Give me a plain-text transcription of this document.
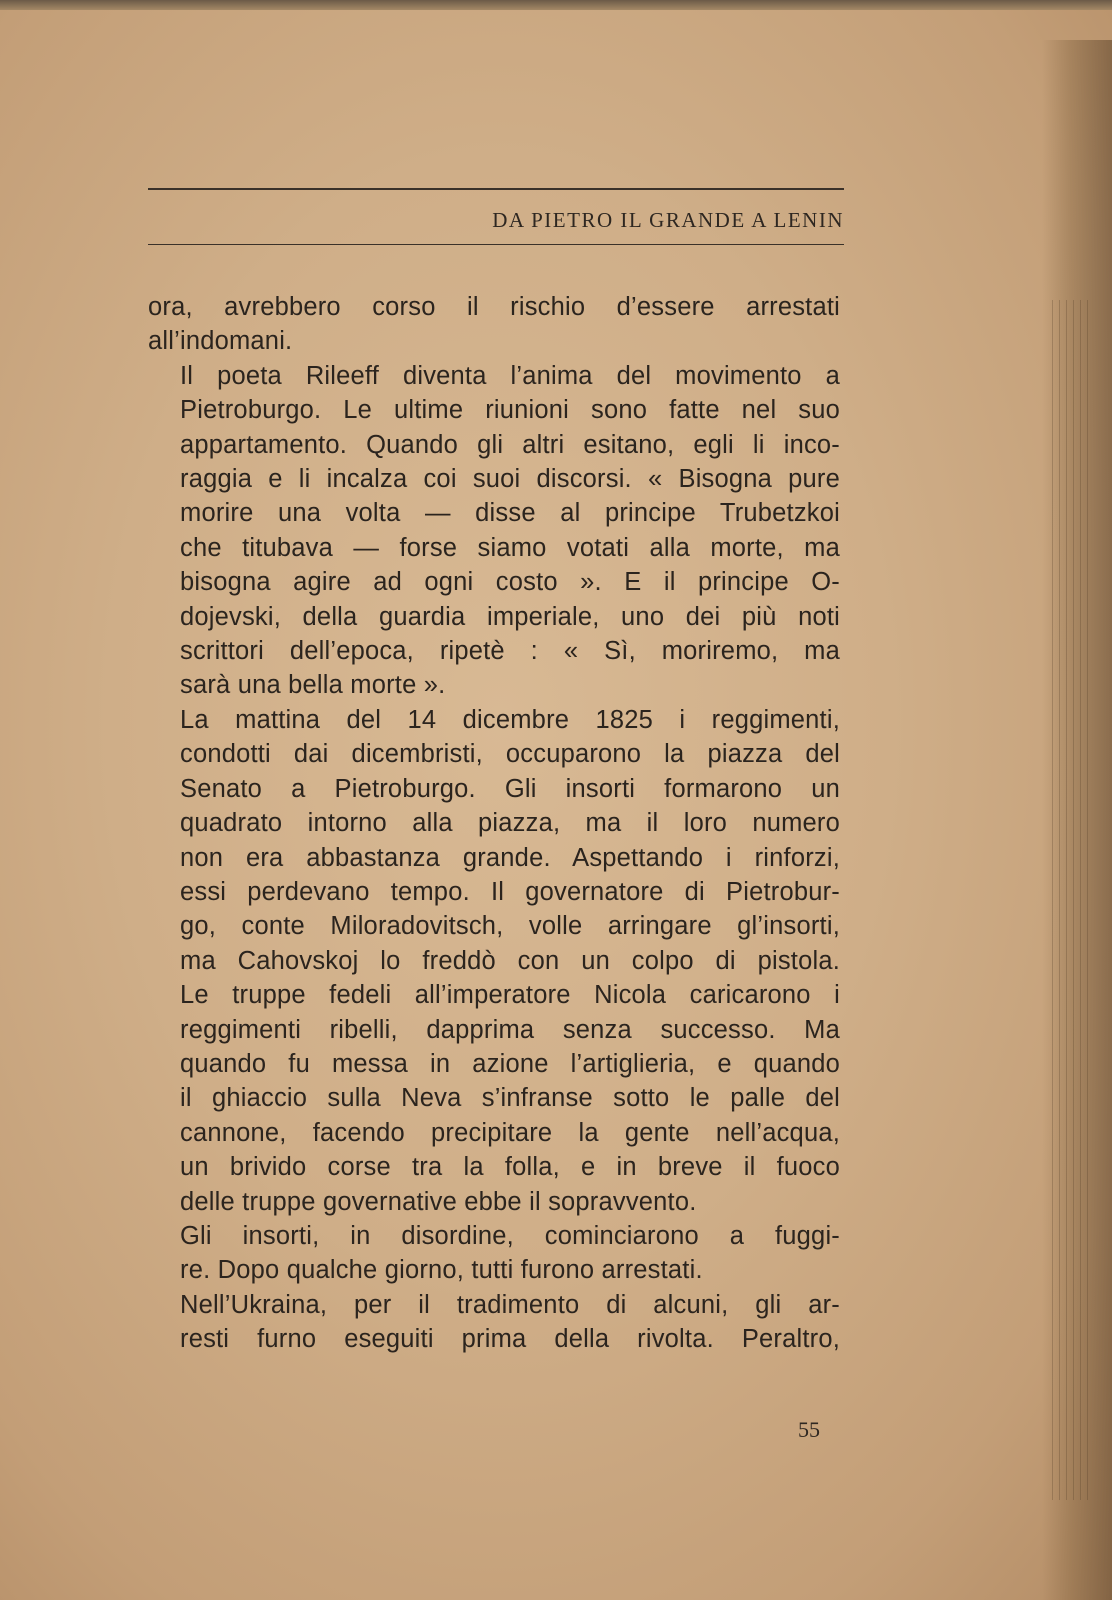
DA PIETRO IL GRANDE A LENIN

ora, avrebbero corso il rischio d’essere arrestati
all’indomani.

Il poeta Rileeff diventa l’anima del movimento a
Pietroburgo. Le ultime riunioni sono fatte nel suo
appartamento. Quando gli altri esitano, egli li inco-
raggia e li incalza coi suoi discorsi. « Bisogna pure
morire una volta — disse al principe Trubetzkoi
che titubava — forse siamo votati alla morte, ma
bisogna agire ad ogni costo ». E il principe O-
dojevski, della guardia imperiale, uno dei più noti
scrittori dell’epoca, ripetè : « Sì, moriremo, ma
sarà una bella morte ».

La mattina del 14 dicembre 1825 i reggimenti,
condotti dai dicembristi, occuparono la piazza del
Senato a Pietroburgo. Gli insorti formarono un
quadrato intorno alla piazza, ma il loro numero
non era abbastanza grande. Aspettando i rinforzi,
essi perdevano tempo. Il governatore di Pietrobur-
go, conte Miloradovitsch, volle arringare gl’insorti,
ma Cahovskoj lo freddò con un colpo di pistola.
Le truppe fedeli all’imperatore Nicola caricarono i
reggimenti ribelli, dapprima senza successo. Ma
quando fu messa in azione l’artiglieria, e quando
il ghiaccio sulla Neva s’infranse sotto le palle del
cannone, facendo precipitare la gente nell’acqua,
un brivido corse tra la folla, e in breve il fuoco
delle truppe governative ebbe il sopravvento.

Gli insorti, in disordine, cominciarono a fuggi-
re. Dopo qualche giorno, tutti furono arrestati.

Nell’Ukraina, per il tradimento di alcuni, gli ar-
resti furno eseguiti prima della rivolta. Peraltro,

55
